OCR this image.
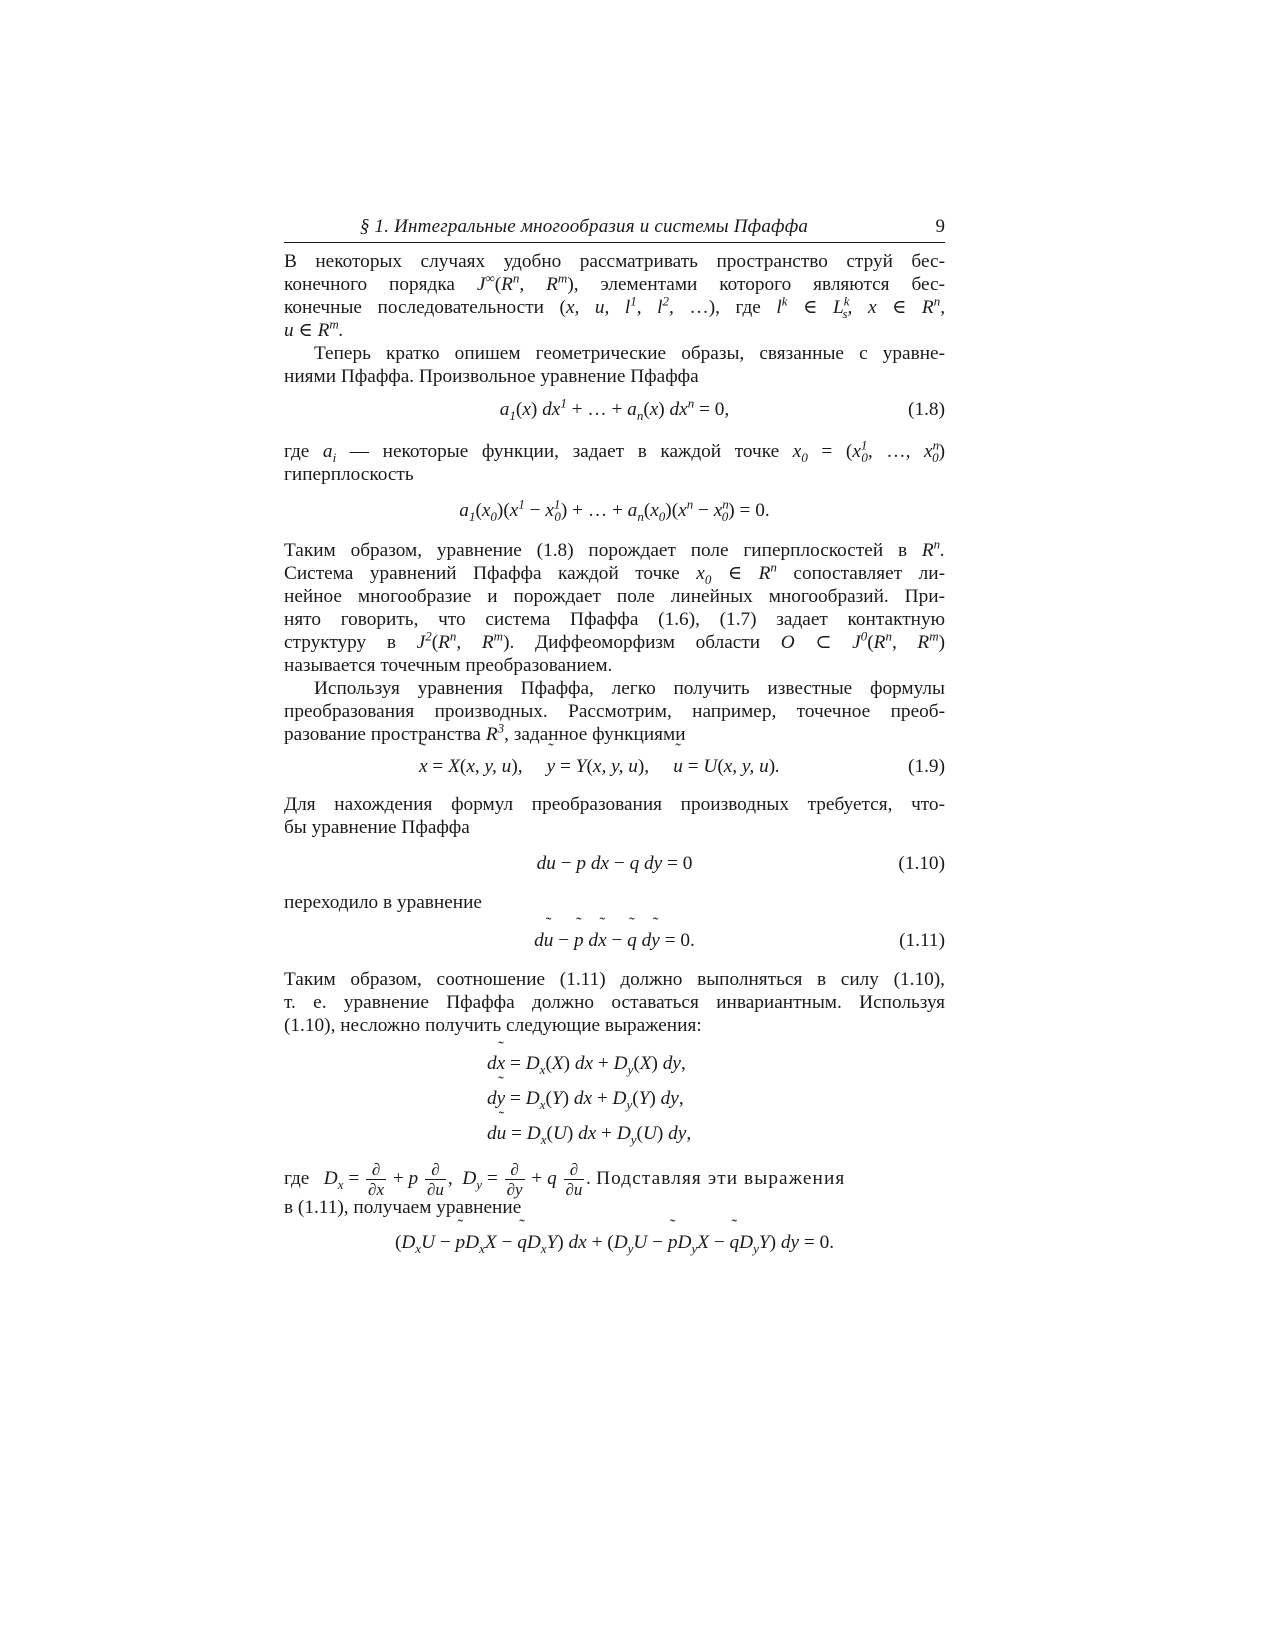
§ 1. Интегральные многообразия и системы Пфаффа	9
В некоторых случаях удобно рассматривать пространство струй бес-
конечного порядка $J^\infty(R^n$, $R^m$), элементами которого являются бес-
конечные последовательности (x, u, $l^1$, $l^2$, …), где $l^k$ ∈ $L^k_s$, x ∈ $R^n$,
u ∈ $R^m$.
Теперь кратко опишем геометрические образы, связанные с уравне-
ниями Пфаффа. Произвольное уравнение Пфаффа
$a_1(x) dx^1$ + … + $a_n(x) dx^n = 0$,	(1.8)
где $a_i$ — некоторые функции, задает в каждой точке $x_0 = (x^1_0$, …, $x^n_0$)
гиперплоскость
$a_1(x_0)(x^1 - x^1_0)$ + … + $a_n(x_0)(x^n - x^n_0) = 0$.
Таким образом, уравнение (1.8) порождает поле гиперплоскостей в $R^n$.
Система уравнений Пфаффа каждой точке $x_0$ ∈ $R^n$ сопоставляет ли-
нейное многообразие и порождает поле линейных многообразий. При-
нято говорить, что система Пфаффа (1.6), (1.7) задает контактную
структуру в $J^2(R^n$, $R^m$). Диффеоморфизм области O ⊂ $J^0(R^n$, $R^m$)
называется точечным преобразованием.
Используя уравнения Пфаффа, легко получить известные формулы
преобразования производных. Рассмотрим, например, точечное преоб-
разование пространства $R^3$, заданное функциями
˜ x = X(x, y, u),     ˜ y = Y(x, y, u),     ˜ u = U(x, y, u).	(1.9)
Для нахождения формул преобразования производных требуется, что-
бы уравнение Пфаффа
du − p dx − q dy = 0	(1.10)
переходило в уравнение
d˜ u − ˜ p d˜ x − ˜ q d˜ y = 0.	(1.11)
Таким образом, соотношение (1.11) должно выполняться в силу (1.10),
т. е. уравнение Пфаффа должно оставаться инвариантным. Используя
(1.10), несложно получить следующие выражения:
d˜ $x = D_x(X)$ dx + $D_y(X)$ dy,
d˜ $y = D_x(Y)$ dx + $D_y(Y)$ dy,
d˜ $u = D_x(U)$ dx + $D_y(U)$ dy,
где $D_x = \frac{\partial}{\partial x} + p \frac{\partial}{\partial u}$ ,  $D_y = \frac{\partial}{\partial y} + q \frac{\partial}{\partial u}$ . Подставляя эти выражения
в (1.11), получаем уравнение
($D_xU$ − ˜ $pD_xX$ − ˜ $qD_xY$) dx + ($D_yU$ − ˜ $pD_yX$ − ˜ $qD_yY$) dy = 0.
